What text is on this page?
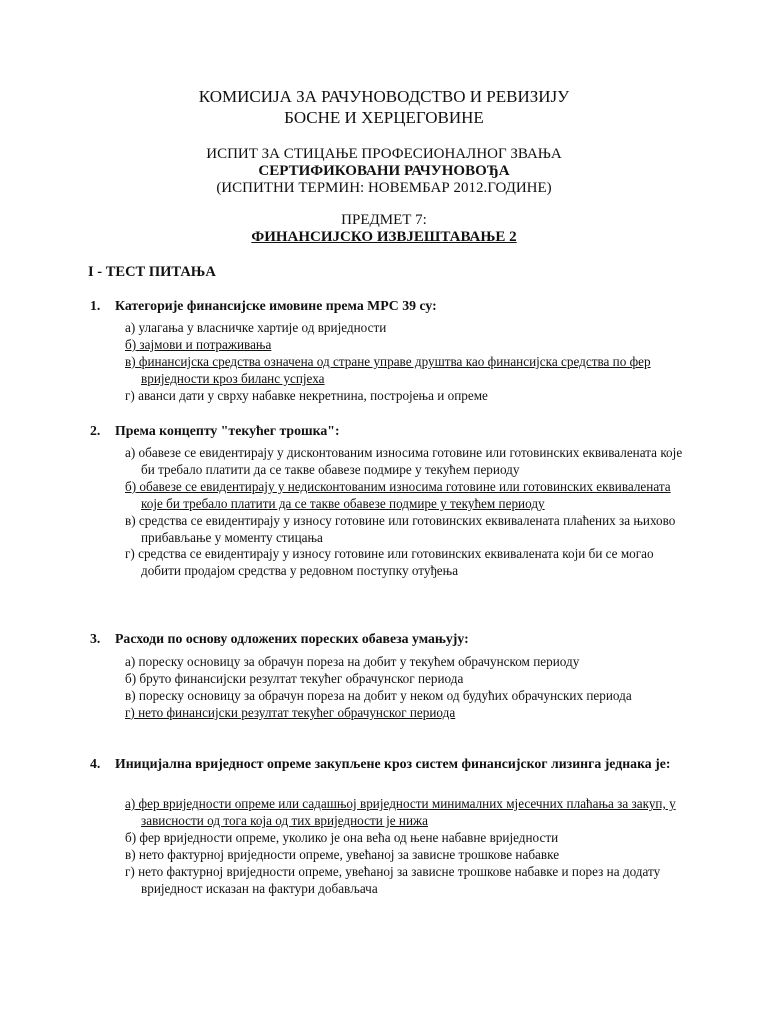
КОМИСИЈА ЗА РАЧУНОВОДСТВО И РЕВИЗИЈУ
БОСНЕ И ХЕРЦЕГОВИНЕ
ИСПИТ ЗА СТИЦАЊЕ ПРОФЕСИОНАЛНОГ ЗВАЊА
СЕРТИФИКОВАНИ РАЧУНОВОЂА
(ИСПИТНИ ТЕРМИН: НОВЕМБАР 2012.ГОДИНЕ)
ПРЕДМЕТ 7:
ФИНАНСИЈСКО ИЗВЈЕШТАВАЊЕ 2
I - ТЕСТ ПИТАЊА
1. Категорије финансијске имовине према МРС 39 су:

а) улагања у власничке хартије од вриједности

б) зајмови и потраживања

в) финансијска средства означена од стране управе друштва као финансијска средства по фер вриједности кроз биланс успјеха

г) аванси дати у сврху набавке некретнина, постројења и опреме

2. Према концепту "текућег трошка":

а) обавезе се евидентирају у дисконтованим износима готовине или готовинских еквивалената које би требало платити да се такве обавезе подмире у текућем периоду

б) обавезе се евидентирају у недисконтованим износима готовине или готовинских еквивалената које би требало платити да се такве обавезе подмире у текућем периоду

в) средства се евидентирају у износу готовине или готовинских еквивалената плаћених за њихово прибављање у моменту стицања

г) средства се евидентирају у износу готовине или готовинских еквивалената који би се могао добити продајом средства у редовном поступку отуђења

3. Расходи по основу одложених пореских обавеза умањују:

а) пореску основицу за обрачун пореза на добит у текућем обрачунском периоду

б) бруто финансијски резултат текућег обрачунског периода

в) пореску основицу за обрачун пореза на добит у неком од будућих обрачунских периода

г) нето финансијски резултат текућег обрачунског периода

4. Иницијална вриједност опреме закупљене кроз систем финансијског лизинга једнака је:

а) фер вриједности опреме или садашњој вриједности минималних мјесечних плаћања за закуп, у зависности од тога која од тих вриједности је нижа

б) фер вриједности опреме, уколико је она већа од њене набавне вриједности

в) нето фактурној вриједности опреме, увећаној за зависне трошкове набавке

г) нето фактурној вриједности опреме, увећаној за зависне трошкове набавке и порез на додату вриједност исказан на фактури добављача
